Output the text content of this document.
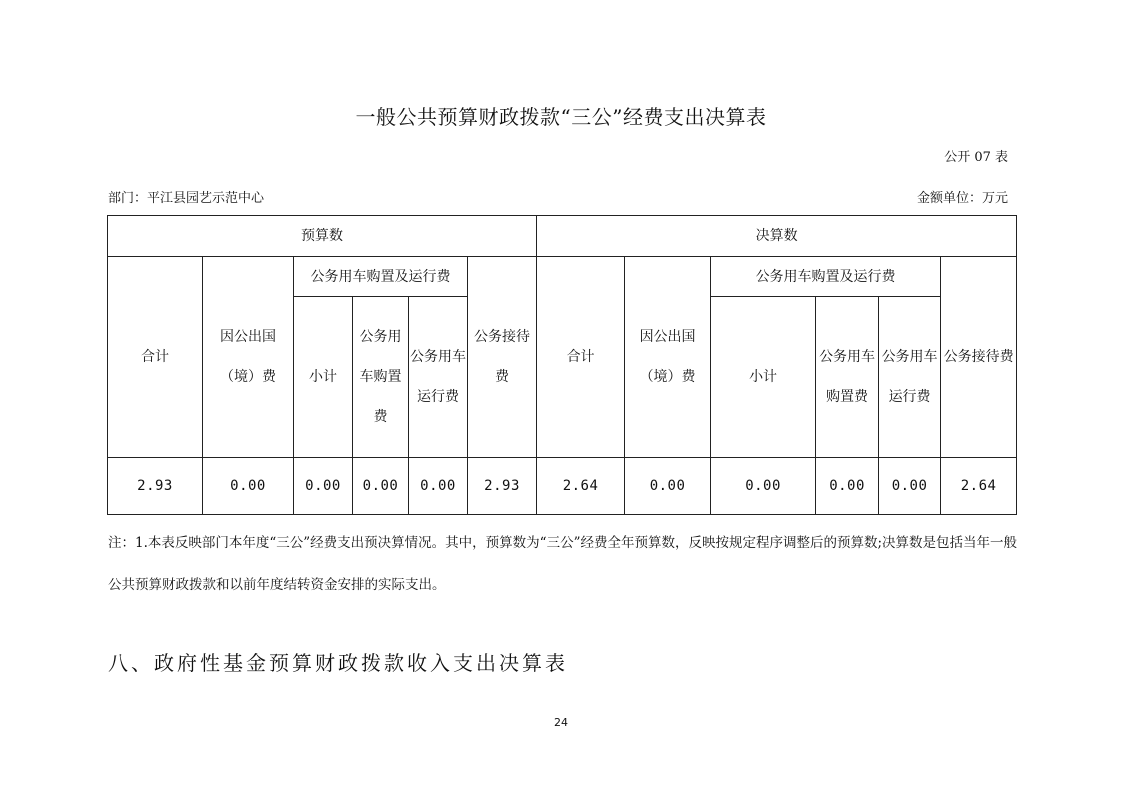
一般公共预算财政拨款“三公”经费支出决算表
公开 07 表
部门：平江县园艺示范中心	金额单位：万元
预算数						决算数					
合计	因公出国（境）费	公务用车购置及运行费			公务接待费	合计	因公出国（境）费	公务用车购置及运行费			公务接待费
		小计	公务用车购置费	公务用车运行费				小计	公务用车购置费	公务用车运行费	
2.93	0.00	0.00	0.00	0.00	2.93	2.64	0.00	0.00	0.00	0.00	2.64
注：1.本表反映部门本年度“三公”经费支出预决算情况。其中，预算数为“三公”经费全年预算数，反映按规定程序调整后的预算数;决算数是包括当年一般公共预算财政拨款和以前年度结转资金安排的实际支出。
八、政府性基金预算财政拨款收入支出决算表
24
